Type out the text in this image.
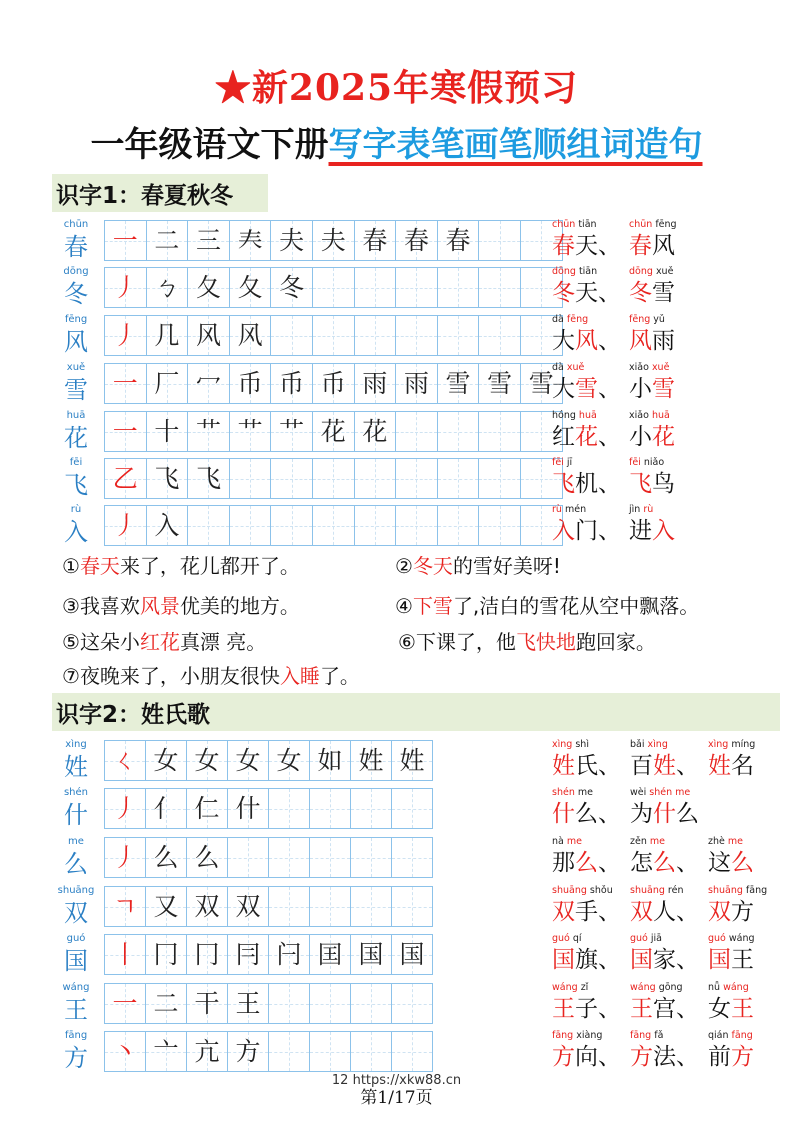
★新2025年寒假预习
一年级语文下册写字表笔画笔顺组词造句
识字1：春夏秋冬
chūn
春 一 二 三 𡗗 夫 夫 春 春 春
chūn tiān
春天、
chūn fēng
春风
dōng
冬 丿 ㄅ 夂 夂 冬
dōng tiān
冬天、
dōng xuě
冬雪
fēng
风 丿 几 风 风
dà fēng
大风、
fēng yǔ
风雨
xuě
雪 一 厂 冖 币 币 币 雨 雨 雪 雪 雪
dà xuě
大雪、
xiǎo xuě
小雪
huā
花 一 十 艹 艹 艹 花 花
hóng huā
红花、
xiǎo huā
小花
fēi
飞 乙 飞 飞
fēi jī
飞机、
fēi niǎo
飞鸟
rù
入 丿 入
rù mén
入门、
jìn rù
进入
①春天来了，花儿都开了。	②冬天的雪好美呀!
③我喜欢风景优美的地方。	④下雪了,洁白的雪花从空中飘落。
⑤这朵小红花真漂 亮。	⑥下课了，他飞快地跑回家。
⑦夜晚来了，小朋友很快入睡了。
识字2：姓氏歌
xìng
姓 ㄑ 女 女 女 女 如 姓 姓
xìng shì
姓氏、
bǎi xìng
百姓、
xìng míng
姓名
shén
什 丿 亻 仁 什
shén me
什么、
wèi shén me
为什么
me
么 丿 么 么
nà me
那么、
zěn me
怎么、
zhè me
这么
shuāng
双 ㄱ 又 双 双
shuāng shǒu
双手、
shuāng rén
双人、
shuāng fāng
双方
guó
国 丨 冂 冂 冃 闩 囯 国 国
guó qí
国旗、
guó jiā
国家、
guó wáng
国王
wáng
王 一 二 干 王
wáng zǐ
王子、
wáng gōng
王宫、
nǚ wáng
女王
fāng
方 丶 亠 亢 方
fāng xiàng
方向、
fāng fǎ
方法、
qián fāng
前方
12 https://xkw88.cn
第1/17页
